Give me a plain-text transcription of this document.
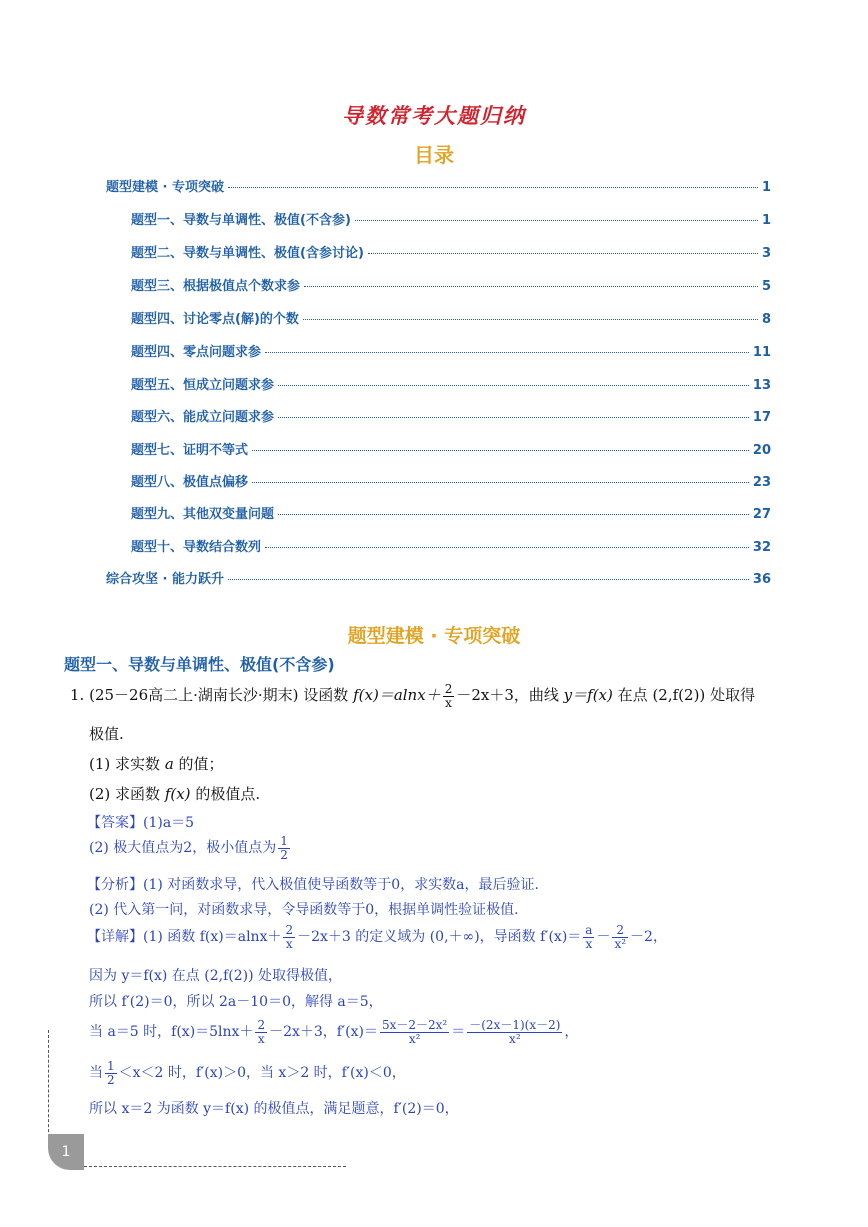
导数常考大题归纳
目录
题型建模 · 专项突破	1
题型一、导数与单调性、极值(不含参)	1
题型二、导数与单调性、极值(含参讨论)	3
题型三、根据极值点个数求参	5
题型四、讨论零点(解)的个数	8
题型四、零点问题求参	11
题型五、恒成立问题求参	13
题型六、能成立问题求参	17
题型七、证明不等式	20
题型八、极值点偏移	23
题型九、其他双变量问题	27
题型十、导数结合数列	32
综合攻坚 · 能力跃升	36
题型建模 · 专项突破
题型一、导数与单调性、极值(不含参)
1. (25－26高二上·湖南长沙·期末) 设函数 $f(x)=alnx+ \frac{2}{x} -2x+3$，曲线 y＝f(x) 在点 (2,f(2)) 处取得
极值.
(1) 求实数 a 的值；
(2) 求函数 f(x) 的极值点.
【答案】(1)a＝5
(2) 极大值点为2，极小值点为 $\frac{1}{2}$
【分析】(1) 对函数求导，代入极值使导函数等于0，求实数a，最后验证.
(2) 代入第一问，对函数求导，令导函数等于0，根据单调性验证极值.
【详解】(1) 函数 $f(x)=alnx+ \frac{2}{x} -2x+3$ 的定义域为 (0,＋∞)，导函数 $f'(x)= \frac{a}{x} - \frac{2}{\text{x²}} -2$，
因为 y＝f(x) 在点 (2,f(2)) 处取得极值，
所以 f′(2)＝0，所以 2a－10＝0，解得 a＝5，
当 a＝5 时，$f(x)=5\ln x+ \frac{2}{x} -2x+3$，$f'(x)= \frac{\text{5x－2－2x²}}{\text{x²}} = \frac{-(2x-1)(x-2)}{\text{x²}}$ ，
当 $\frac{1}{2} <x<2$ 时，f′(x)＞0，当 x＞2 时，f′(x)＜0，
所以 x＝2 为函数 y＝f(x) 的极值点，满足题意，f′(2)＝0，
1
